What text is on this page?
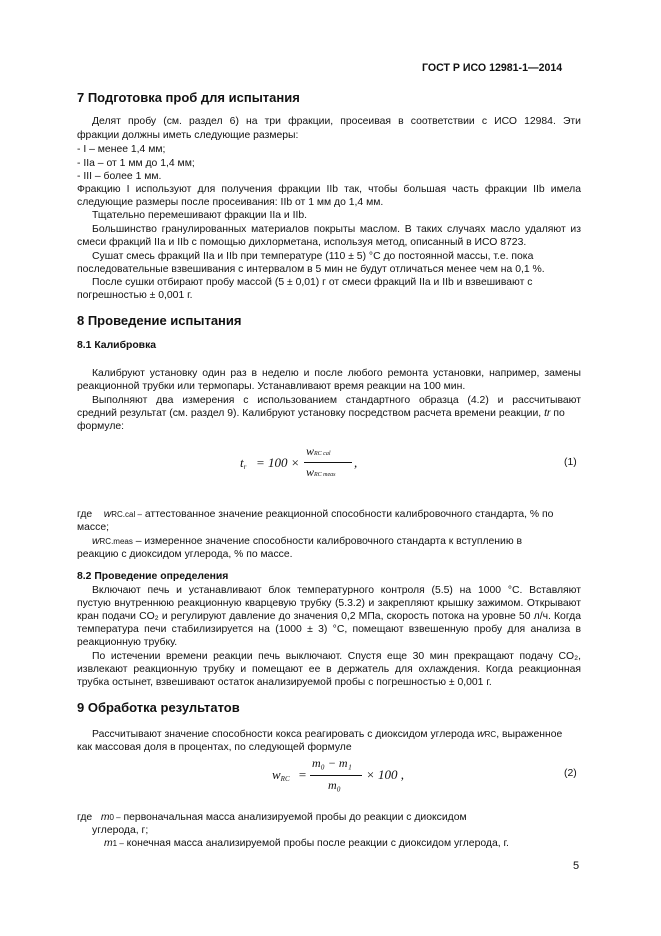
ГОСТ Р ИСО 12981-1—2014
7 Подготовка проб для испытания
Делят пробу (см. раздел 6) на три фракции, просеивая в соответствии с ИСО 12984. Эти
фракции должны иметь следующие размеры:
- I – менее 1,4 мм;
- IIa – от 1 мм до 1,4 мм;
- III – более 1 мм.
Фракцию I используют для получения фракции IIb так, чтобы большая часть фракции IIb имела
следующие размеры после просеивания: IIb от 1 мм до 1,4 мм.
Тщательно перемешивают фракции IIa и IIb.
Большинство гранулированных материалов покрыты маслом. В таких случаях масло удаляют из
смеси фракций IIa и IIb с помощью дихлорметана, используя метод, описанный в ИСО 8723.
Сушат смесь фракций IIa и IIb при температуре (110 ± 5) °C до постоянной массы, т.е. пока
последовательные взвешивания с интервалом в 5 мин не будут отличаться менее чем на 0,1 %.
После сушки отбирают пробу массой (5 ± 0,01) г от смеси фракций IIa и IIb и взвешивают с
погрешностью ± 0,001 г.
8 Проведение испытания
8.1 Калибровка
Калибруют установку один раз в неделю и после любого ремонта установки, например, замены
реакционной трубки или термопары. Устанавливают время реакции на 100 мин.
Выполняют два измерения с использованием стандартного образца (4.2) и рассчитывают
средний результат (см. раздел 9). Калибруют установку посредством расчета времени реакции, tr по
формуле:
$t_r = 100$ ×
wRC cal
wRC meas
,	(1)
где wRC.cal – аттестованное значение реакционной способности калибровочного стандарта, % по
массе;
wRC.meas – измеренное значение способности калибровочного стандарта к вступлению в
реакцию с диоксидом углерода, % по массе.
8.2 Проведение определения
Включают печь и устанавливают блок температурного контроля (5.5) на 1000 °C. Вставляют
пустую внутреннюю реакционную кварцевую трубку (5.3.2) и закрепляют крышку зажимом. Открывают
кран подачи CO₂ и регулируют давление до значения 0,2 МПа, скорость потока на уровне 50 л/ч. Когда
температура печи стабилизируется на (1000 ± 3) °C, помещают взвешенную пробу для анализа в
реакционную трубку.
По истечении времени реакции печь выключают. Спустя еще 30 мин прекращают подачу CO₂,
извлекают реакционную трубку и помещают ее в держатель для охлаждения. Когда реакционная
трубка остынет, взвешивают остаток анализируемой пробы с погрешностью ± 0,001 г.
9 Обработка результатов
Рассчитывают значение способности кокса реагировать с диоксидом углерода wRC, выраженное
как массовая доля в процентах, по следующей формуле
$w_{RC}$ =
m₀ − m₁
m₀
× 100 ,	(2)
где m0 – первоначальная масса анализируемой пробы до реакции с диоксидом
углерода, г;
m1 – конечная масса анализируемой пробы после реакции с диоксидом углерода, г.
5
